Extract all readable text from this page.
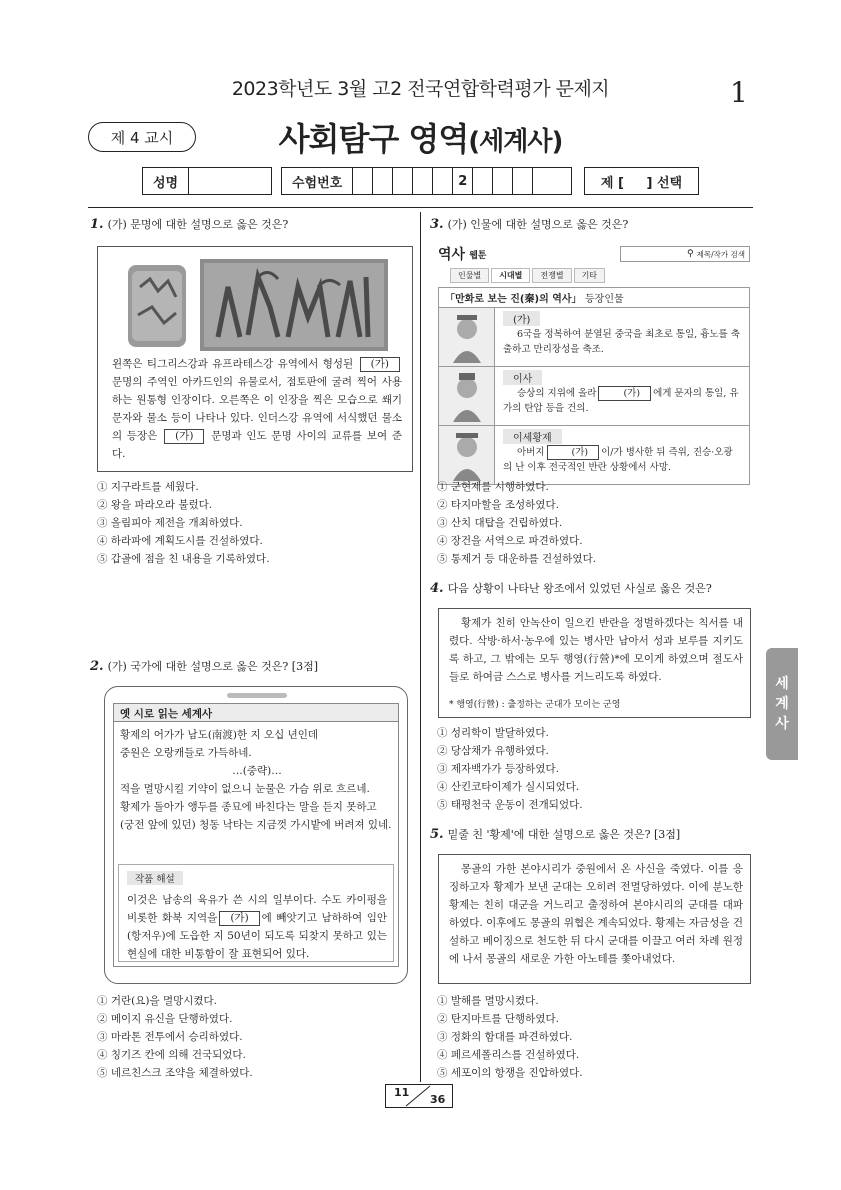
2023학년도 3월 고2 전국연합학력평가 문제지	1
제 4 교시	사회탐구 영역(세계사)
성명	수험번호	2	제 [     ] 선택
1. (가) 문명에 대한 설명으로 옳은 것은?
왼쪽은 티그리스강과 유프라테스강 유역에서 형성된 (가) 문명의 주역인 아카드인의 유물로서, 점토판에 굴려 찍어 사용하는 원통형 인장이다. 오른쪽은 이 인장을 찍은 모습으로 쐐기 문자와 물소 등이 나타나 있다. 인더스강 유역에 서식했던 물소의 등장은 (가) 문명과 인도 문명 사이의 교류를 보여 준다.
① 지구라트를 세웠다.
② 왕을 파라오라 불렀다.
③ 올림피아 제전을 개최하였다.
④ 하라파에 계획도시를 건설하였다.
⑤ 갑골에 점을 친 내용을 기록하였다.
2. (가) 국가에 대한 설명으로 옳은 것은? [3점]
옛 시로 읽는 세계사
황제의 어가가 남도(南渡)한 지 오십 년인데
중원은 오랑캐들로 가득하네.
…(중략)…
적을 멸망시킬 기약이 없으니 눈물은 가슴 위로 흐르네.
황제가 돌아가 앵두를 종묘에 바친다는 말을 듣지 못하고
(궁전 앞에 있던) 청동 낙타는 지금껏 가시밭에 버려져 있네.
작품 해설
이것은 남송의 육유가 쓴 시의 일부이다. 수도 카이펑을 비롯한 화북 지역을 (가) 에 빼앗기고 남하하여 임안(항저우)에 도읍한 지 50년이 되도록 되찾지 못하고 있는 현실에 대한 비통함이 잘 표현되어 있다.
① 거란(요)을 멸망시켰다.
② 메이지 유신을 단행하였다.
③ 마라톤 전투에서 승리하였다.
④ 칭기즈 칸에 의해 건국되었다.
⑤ 네르친스크 조약을 체결하였다.
3. (가) 인물에 대한 설명으로 옳은 것은?
역사 웹툰	⚲ 제목/작가 검색
인물별	시대별	전쟁별	기타
「만화로 보는 진(秦)의 역사」 등장인물
(가)
6국을 정복하여 분열된 중국을 최초로 통일, 흉노를 축출하고 만리장성을 축조.
이사
승상의 지위에 올라	(가) 에게 문자의 통일, 유가의 탄압 등을 건의.
이세황제
아버지	(가) 이/가 병사한 뒤 즉위, 진승·오광의 난 이후 전국적인 반란 상황에서 사망.
① 군현제를 시행하였다.
② 타지마할을 조성하였다.
③ 산치 대탑을 건립하였다.
④ 장건을 서역으로 파견하였다.
⑤ 통제거 등 대운하를 건설하였다.
4. 다음 상황이 나타난 왕조에서 있었던 사실로 옳은 것은?
황제가 친히 안녹산이 일으킨 반란을 정벌하겠다는 칙서를 내렸다. 삭방·하서·농우에 있는 병사만 남아서 성과 보루를 지키도록 하고, 그 밖에는 모두 행영(行營)*에 모이게 하였으며 절도사들로 하여금 스스로 병사를 거느리도록 하였다.
* 행영(行營) : 출정하는 군대가 모이는 군영
① 성리학이 발달하였다.
② 당삼채가 유행하였다.
③ 제자백가가 등장하였다.
④ 산킨코타이제가 실시되었다.
⑤ 태평천국 운동이 전개되었다.
5. 밑줄 친 '황제'에 대한 설명으로 옳은 것은? [3점]
몽골의 가한 본야시리가 중원에서 온 사신을 죽였다. 이를 응징하고자 황제가 보낸 군대는 오히려 전멸당하였다. 이에 분노한 황제는 친히 대군을 거느리고 출정하여 본야시리의 군대를 대파하였다. 이후에도 몽골의 위협은 계속되었다. 황제는 자금성을 건설하고 베이징으로 천도한 뒤 다시 군대를 이끌고 여러 차례 원정에 나서 몽골의 새로운 가한 아노테를 쫓아내었다.
① 발해를 멸망시켰다.
② 탄지마트를 단행하였다.
③ 정화의 함대를 파견하였다.
④ 페르세폴리스를 건설하였다.
⑤ 세포이의 항쟁을 진압하였다.
세
계
사
11
36
